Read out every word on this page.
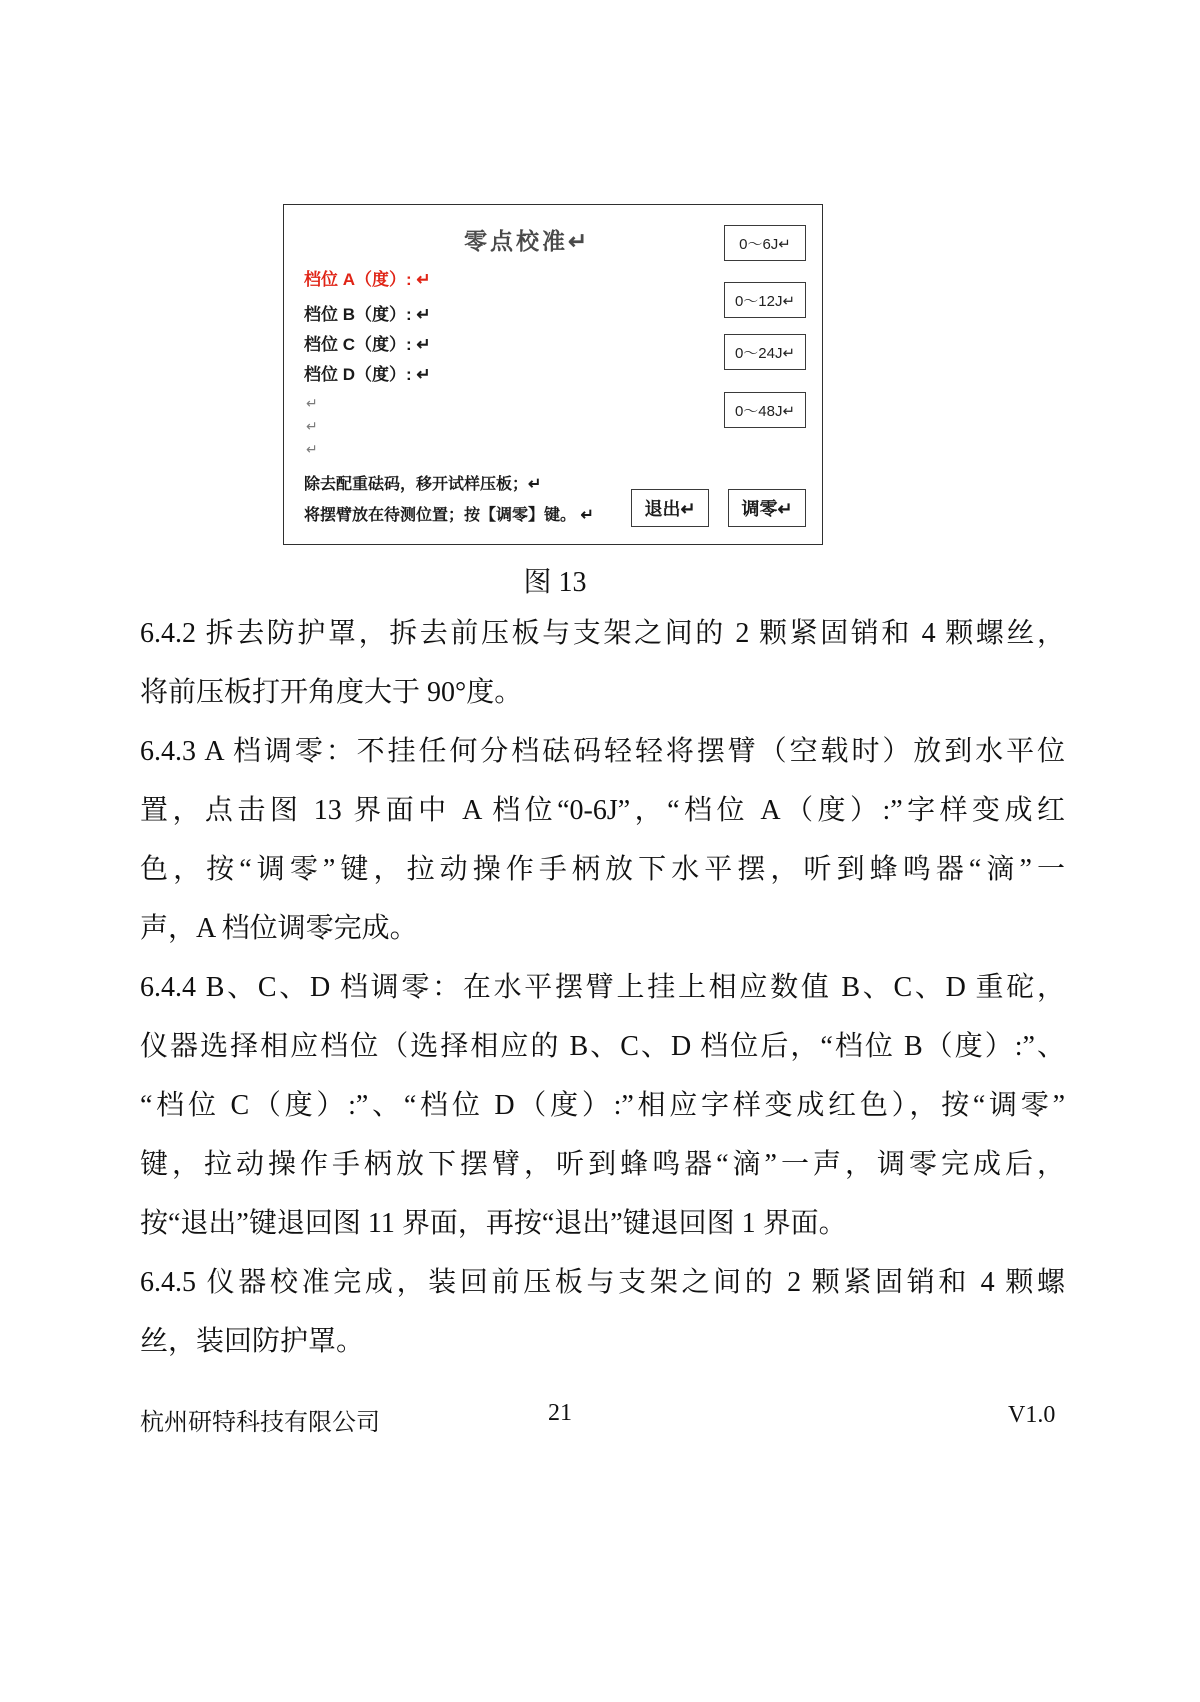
零点校准↵	0～6J↵
0～12J↵
0～24J↵
0～48J↵
档位 A（度）: ↵
档位 B（度）: ↵
档位 C（度）: ↵
档位 D（度）: ↵
↵
↵
↵
除去配重砝码，移开试样压板；↵
将摆臂放在待测位置；按【调零】键。 ↵	退出↵	调零↵
图 13

6.4.2 拆去防护罩，拆去前压板与支架之间的 2 颗紧固销和 4 颗螺丝，

将前压板打开角度大于 90°度。

6.4.3 A 档调零：不挂任何分档砝码轻轻将摆臂（空载时）放到水平位

置，点击图 13 界面中 A 档位“0-6J”，“档位 A（度）:”字样变成红

色，按“调零”键，拉动操作手柄放下水平摆，听到蜂鸣器“滴”一

声，A 档位调零完成。

6.4.4 B、C、D 档调零：在水平摆臂上挂上相应数值 B、C、D 重砣，

仪器选择相应档位（选择相应的 B、C、D 档位后，“档位 B（度）:”、

“档位 C（度）:”、“档位 D（度）:”相应字样变成红色），按“调零”

键，拉动操作手柄放下摆臂，听到蜂鸣器“滴”一声，调零完成后，

按“退出”键退回图 11 界面，再按“退出”键退回图 1 界面。

6.4.5 仪器校准完成，装回前压板与支架之间的 2 颗紧固销和 4 颗螺

丝，装回防护罩。

杭州研特科技有限公司	21	V1.0
